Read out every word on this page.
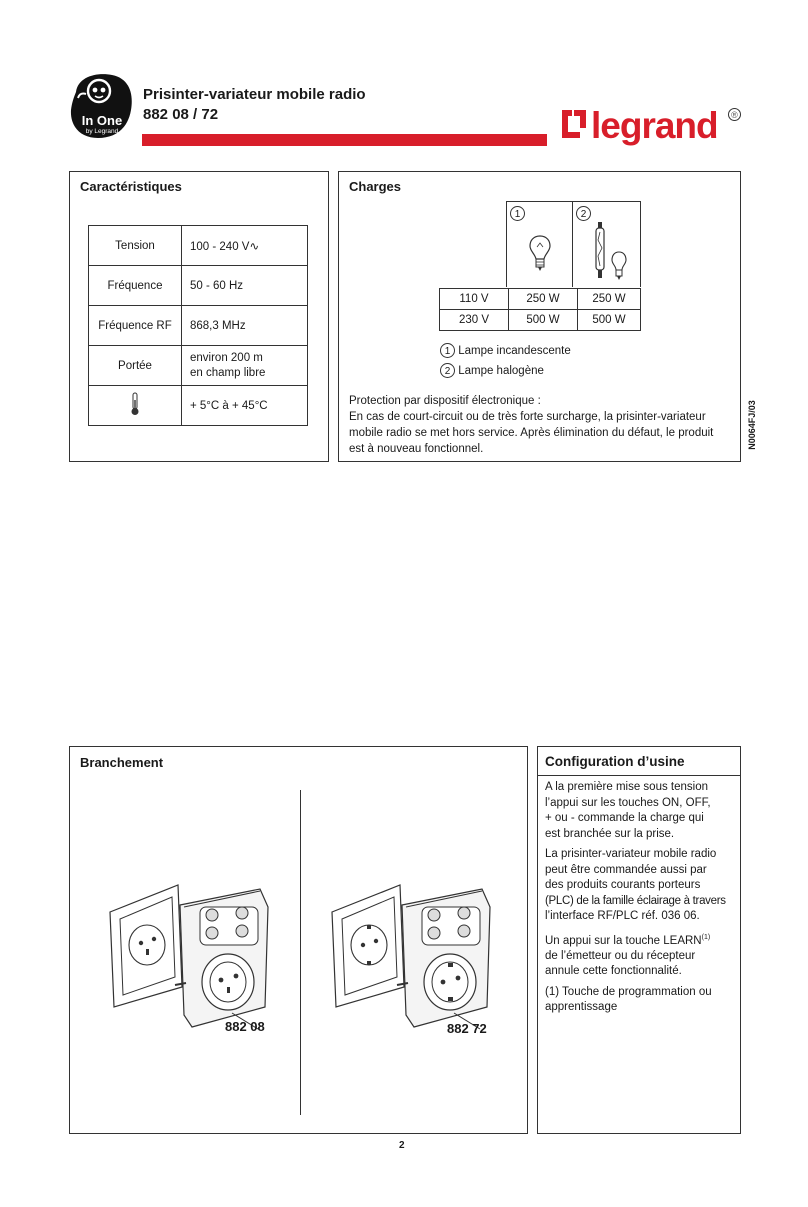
In One
by Legrand
Prisinter-variateur mobile radio
882 08 / 72	legrand	®
Caractéristiques
Tension	100 - 240 V∿
Fréquence	50 - 60 Hz
Fréquence RF	868,3 MHz
Portée	environ 200 m
en champ libre

	+ 5°C à + 45°C
Charges
1	2
110 V	250 W	250 W
230 V	500 W	500 W
1 Lampe incandescente
2 Lampe halogène
Protection par dispositif électronique :
En cas de court-circuit ou de très forte surcharge, la prisinter-variateur
mobile radio se met hors service. Après élimination du défaut, le produit
est à nouveau fonctionnel.	N0064FJ/03
Branchement
882 08	882 72
Configuration d’usine
A la première mise sous tension
l’appui sur les touches ON, OFF,
+ ou - commande la charge qui
est branchée sur la prise.
La prisinter-variateur mobile radio
peut être commandée aussi par
des produits courants porteurs
(PLC) de la famille éclairage à travers
l’interface RF/PLC réf. 036 06.
Un appui sur la touche LEARN$^{(1)}$
de l’émetteur ou du récepteur
annule cette fonctionnalité.
(1) Touche de programmation ou
apprentissage
2
